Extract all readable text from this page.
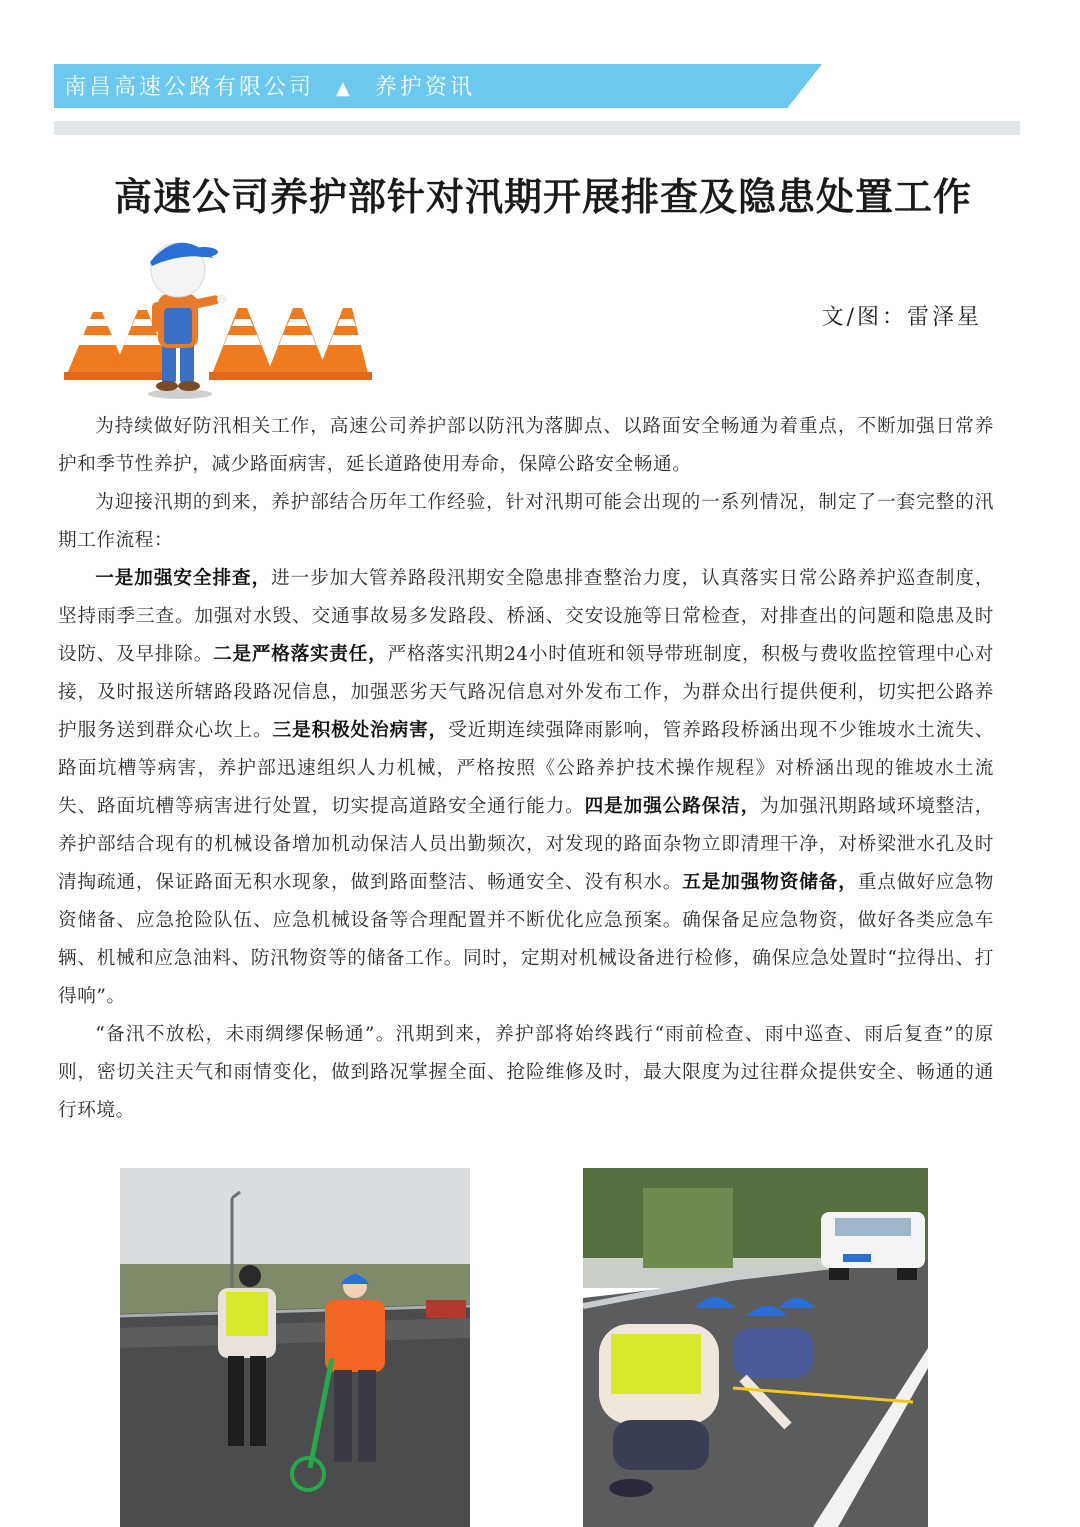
南昌高速公路有限公司 ▲ 养护资讯
高速公司养护部针对汛期开展排查及隐患处置工作
文/图：雷泽星

为持续做好防汛相关工作，高速公司养护部以防汛为落脚点、以路面安全畅通为着重点，不断加强日常养护和季节性养护，减少路面病害，延长道路使用寿命，保障公路安全畅通。

为迎接汛期的到来，养护部结合历年工作经验，针对汛期可能会出现的一系列情况，制定了一套完整的汛期工作流程：

一是加强安全排查，进一步加大管养路段汛期安全隐患排查整治力度，认真落实日常公路养护巡查制度，坚持雨季三查。加强对水毁、交通事故易多发路段、桥涵、交安设施等日常检查，对排查出的问题和隐患及时设防、及早排除。二是严格落实责任，严格落实汛期24小时值班和领导带班制度，积极与费收监控管理中心对接，及时报送所辖路段路况信息，加强恶劣天气路况信息对外发布工作，为群众出行提供便利，切实把公路养护服务送到群众心坎上。三是积极处治病害，受近期连续强降雨影响，管养路段桥涵出现不少锥坡水土流失、路面坑槽等病害，养护部迅速组织人力机械，严格按照《公路养护技术操作规程》对桥涵出现的锥坡水土流失、路面坑槽等病害进行处置，切实提高道路安全通行能力。四是加强公路保洁，为加强汛期路域环境整洁，养护部结合现有的机械设备增加机动保洁人员出勤频次，对发现的路面杂物立即清理干净，对桥梁泄水孔及时清掏疏通，保证路面无积水现象，做到路面整洁、畅通安全、没有积水。五是加强物资储备，重点做好应急物资储备、应急抢险队伍、应急机械设备等合理配置并不断优化应急预案。确保备足应急物资，做好各类应急车辆、机械和应急油料、防汛物资等的储备工作。同时，定期对机械设备进行检修，确保应急处置时“拉得出、打得响”。

“备汛不放松，未雨绸缪保畅通”。汛期到来，养护部将始终践行“雨前检查、雨中巡查、雨后复查”的原则，密切关注天气和雨情变化，做到路况掌握全面、抢险维修及时，最大限度为过往群众提供安全、畅通的通行环境。
